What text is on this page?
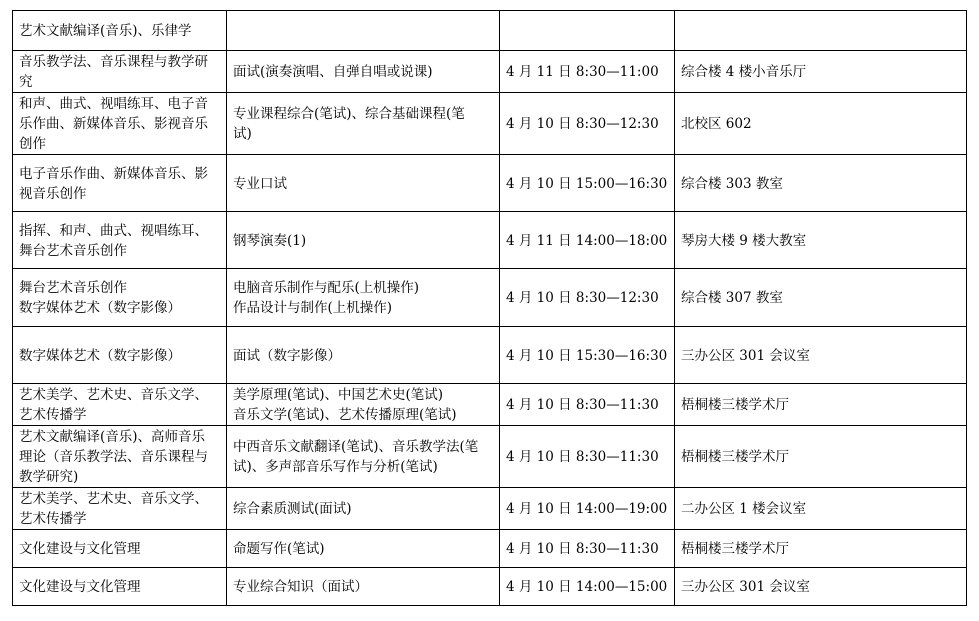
艺术文献编译(音乐)、乐律学			

音乐教学法、音乐课程与教学研
究	面试(演奏演唱、自弹自唱或说课)	4 月 11 日 8:30—11:00	综合楼 4 楼小音乐厅

和声、曲式、视唱练耳、电子音
乐作曲、新媒体音乐、影视音乐
创作	专业课程综合(笔试)、综合基础课程(笔
试)	4 月 10 日 8:30—12:30	北校区 602

电子音乐作曲、新媒体音乐、影
视音乐创作	专业口试	4 月 10 日 15:00—16:30	综合楼 303 教室

指挥、和声、曲式、视唱练耳、
舞台艺术音乐创作	钢琴演奏(1)	4 月 11 日 14:00—18:00	琴房大楼 9 楼大教室

舞台艺术音乐创作
数字媒体艺术（数字影像）	电脑音乐制作与配乐(上机操作)
作品设计与制作(上机操作)	4 月 10 日 8:30—12:30	综合楼 307 教室

数字媒体艺术（数字影像）	面试（数字影像）	4 月 10 日 15:30—16:30	三办公区 301 会议室

艺术美学、艺术史、音乐文学、
艺术传播学	美学原理(笔试)、中国艺术史(笔试)
音乐文学(笔试)、艺术传播原理(笔试)	4 月 10 日 8:30—11:30	梧桐楼三楼学术厅

艺术文献编译(音乐)、高师音乐
理论（音乐教学法、音乐课程与
教学研究)	中西音乐文献翻译(笔试)、音乐教学法(笔
试)、多声部音乐写作与分析(笔试)	4 月 10 日 8:30—11:30	梧桐楼三楼学术厅

艺术美学、艺术史、音乐文学、
艺术传播学	综合素质测试(面试)	4 月 10 日 14:00—19:00	二办公区 1 楼会议室

文化建设与文化管理	命题写作(笔试)	4 月 10 日 8:30—11:30	梧桐楼三楼学术厅

文化建设与文化管理	专业综合知识（面试）	4 月 10 日 14:00—15:00	三办公区 301 会议室
